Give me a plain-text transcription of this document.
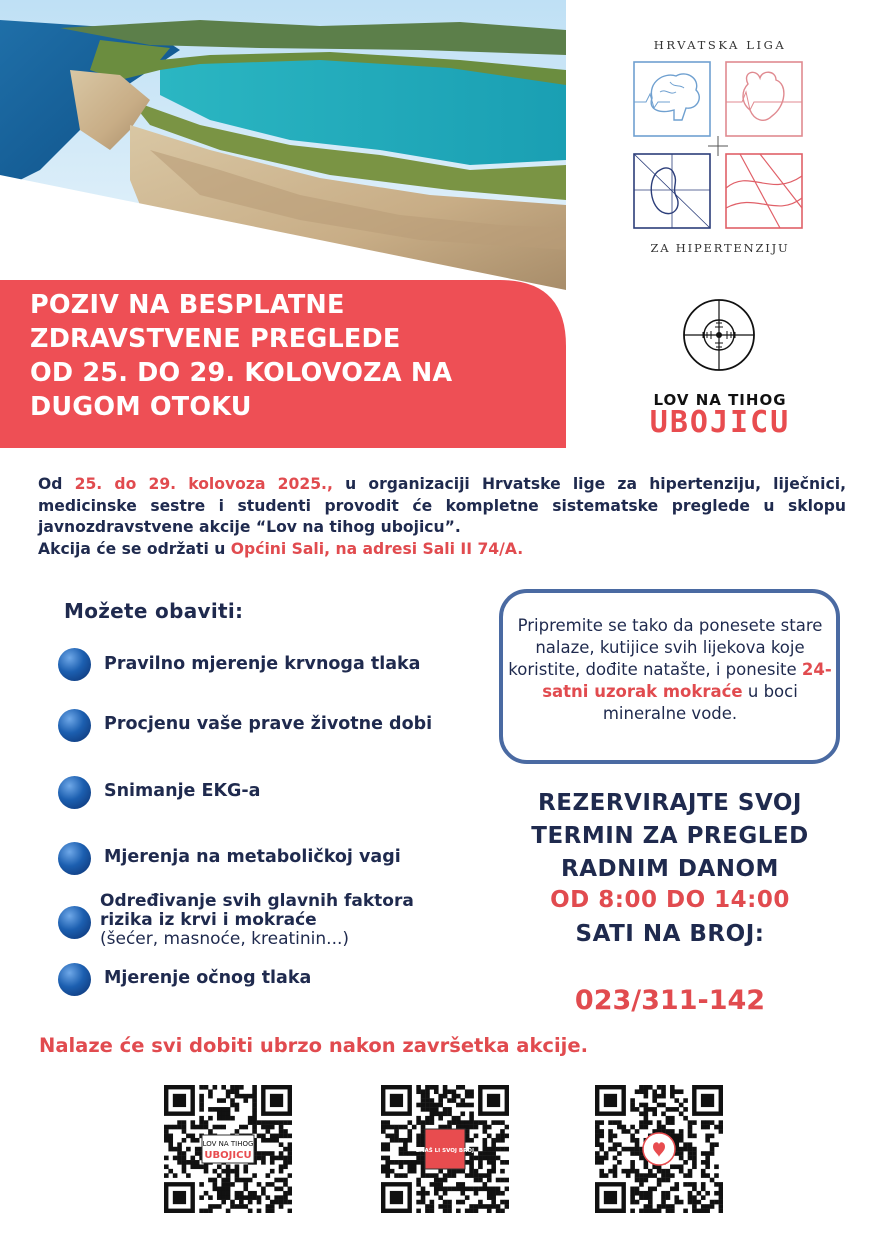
POZIV NA BESPLATNE
ZDRAVSTVENE PREGLEDE
OD 25. DO 29. KOLOVOZA NA
DUGOM OTOKU
HRVATSKA LIGA
ZA HIPERTENZIJU
LOV NA TIHOG
UBOJICU
Od 25. do 29. kolovoza 2025., u organizaciji Hrvatske lige za hipertenziju, liječnici, medicinske sestre i studenti provodit će kompletne sistematske preglede u sklopu javnozdravstvene akcije “Lov na tihog ubojicu”.
Akcija će se održati u Općini Sali, na adresi Sali II 74/A.
Možete obaviti:
Pravilno mjerenje krvnoga tlaka
Procjenu vaše prave životne dobi
Snimanje EKG-a
Mjerenja na metaboličkoj vagi
Određivanje svih glavnih faktora
rizika iz krvi i mokraće
(šećer, masnoće, kreatinin...)
Mjerenje očnog tlaka
Pripremite se tako da ponesete stare nalaze, kutijice svih lijekova koje koristite, dođite natašte, i ponesite 24-satni uzorak mokraće u boci mineralne vode.
REZERVIRAJTE SVOJ
TERMIN ZA PREGLED
RADNIM DANOM
OD 8:00 DO 14:00
SATI NA BROJ:
023/311-142
Nalaze će svi dobiti ubrzo nakon završetka akcije.
LOV NA TIHOG
UBOJICU	ZNAŠ LI SVOJ BROJ
